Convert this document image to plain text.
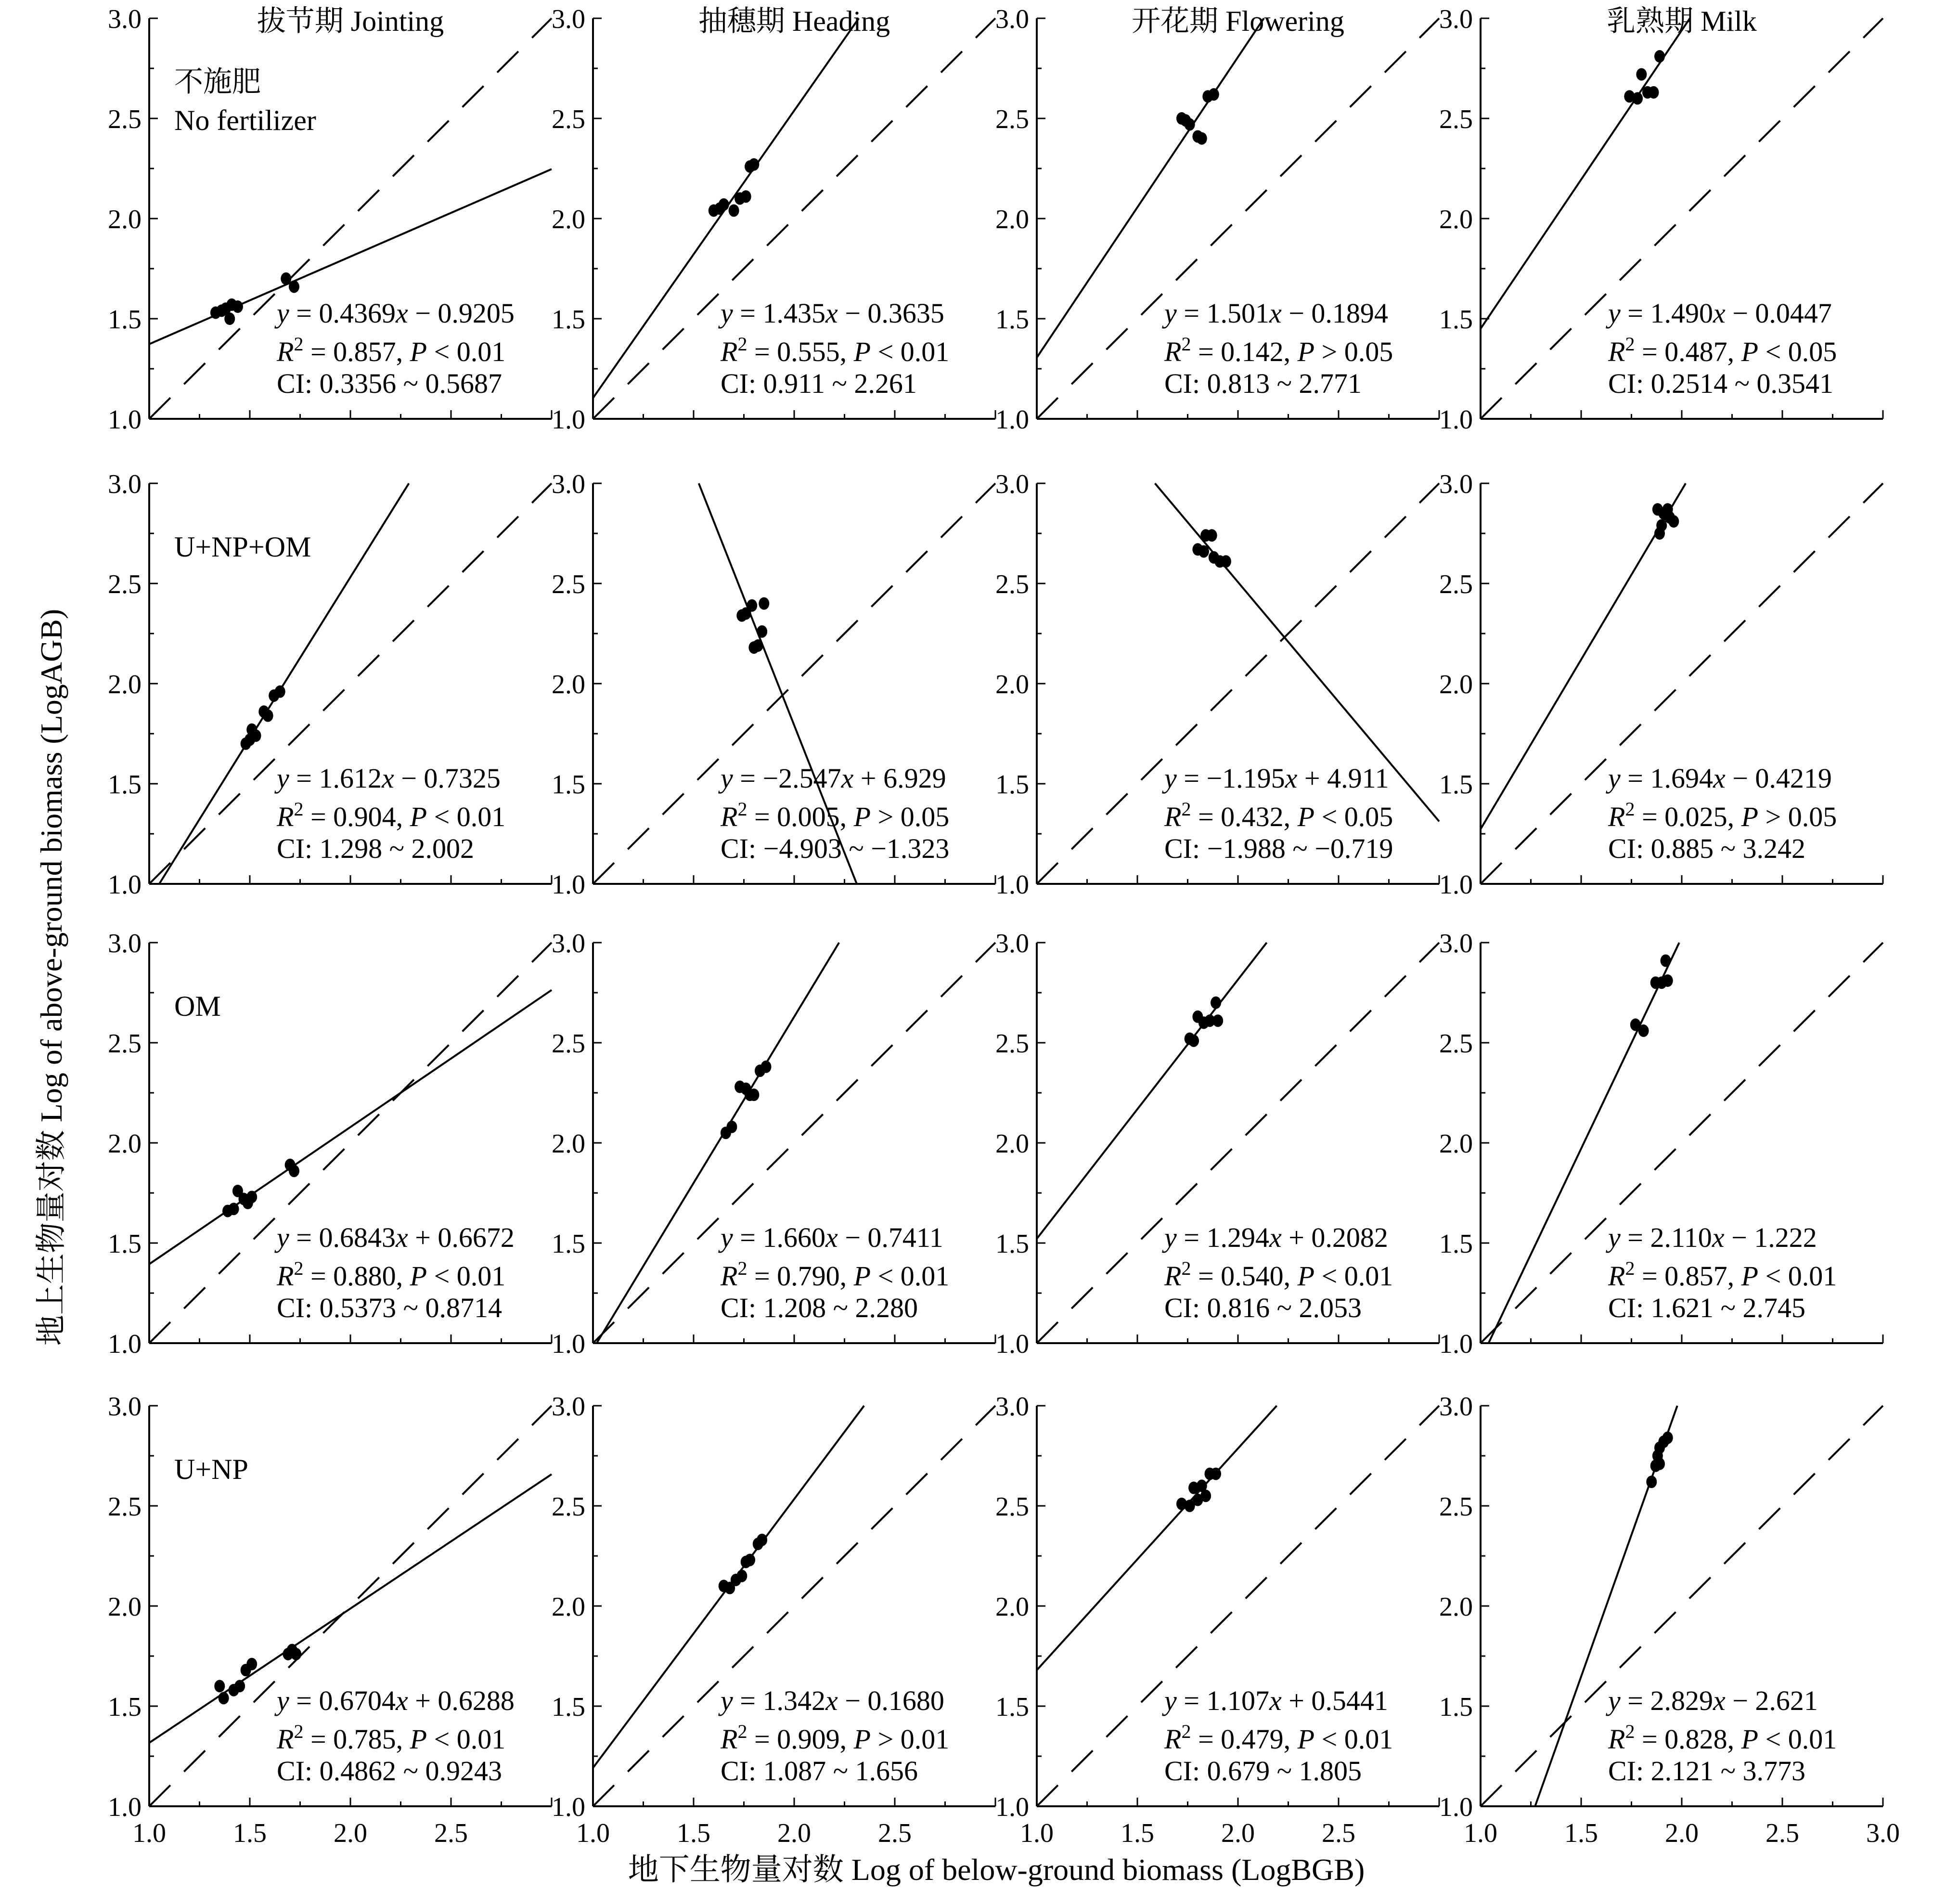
1.0
1.5
2.0
2.5
3.0	拔节期 Jointing
不施肥
No fertilizer
y = 0.4369x − 0.9205
$R^2 = 0.857$, P < 0.01
CI: 0.3356 ~ 0.5687
1.0
1.5
2.0
2.5
3.0	抽穗期 Heading
y = 1.435x − 0.3635
$R^2 = 0.555$, P < 0.01
CI: 0.911 ~ 2.261
1.0
1.5
2.0
2.5
3.0	开花期 Flowering
y = 1.501x − 0.1894
$R^2 = 0.142$, P > 0.05
CI: 0.813 ~ 2.771
1.0
1.5
2.0
2.5
3.0	乳熟期 Milk
y = 1.490x − 0.0447
$R^2 = 0.487$, P < 0.05
CI: 0.2514 ~ 0.3541
1.0
1.5
2.0
2.5
3.0
U+NP+OM
y = 1.612x − 0.7325
$R^2 = 0.904$, P < 0.01
CI: 1.298 ~ 2.002
1.0
1.5
2.0
2.5
3.0
y = −2.547x + 6.929
$R^2 = 0.005$, P > 0.05
CI: −4.903 ~ −1.323
1.0
1.5
2.0
2.5
3.0
y = −1.195x + 4.911
$R^2 = 0.432$, P < 0.05
CI: −1.988 ~ −0.719
1.0
1.5
2.0
2.5
3.0
y = 1.694x − 0.4219
$R^2 = 0.025$, P > 0.05
CI: 0.885 ~ 3.242
1.0
1.5
2.0
2.5
3.0
OM
y = 0.6843x + 0.6672
$R^2 = 0.880$, P < 0.01
CI: 0.5373 ~ 0.8714
1.0
1.5
2.0
2.5
3.0
y = 1.660x − 0.7411
$R^2 = 0.790$, P < 0.01
CI: 1.208 ~ 2.280
1.0
1.5
2.0
2.5
3.0
y = 1.294x + 0.2082
$R^2 = 0.540$, P < 0.01
CI: 0.816 ~ 2.053
1.0
1.5
2.0
2.5
3.0
y = 2.110x − 1.222
$R^2 = 0.857$, P < 0.01
CI: 1.621 ~ 2.745
1.0
1.5
2.0
2.5
3.0
1.0 1.5 2.0 2.5
U+NP
y = 0.6704x + 0.6288
$R^2 = 0.785$, P < 0.01
CI: 0.4862 ~ 0.9243
1.0
1.5
2.0
2.5
3.0
1.0 1.5 2.0 2.5
y = 1.342x − 0.1680
$R^2 = 0.909$, P > 0.01
CI: 1.087 ~ 1.656
1.0
1.5
2.0
2.5
3.0
1.0 1.5 2.0 2.5
y = 1.107x + 0.5441
$R^2 = 0.479$, P < 0.01
CI: 0.679 ~ 1.805
1.0
1.5
2.0
2.5
3.0
1.0 1.5 2.0 2.5 3.0
y = 2.829x − 2.621
$R^2 = 0.828$, P < 0.01
CI: 2.121 ~ 3.773
地下生物量对数 Log of below-ground biomass (LogBGB)
地上生物量对数 Log of above-ground biomass (LogAGB)
